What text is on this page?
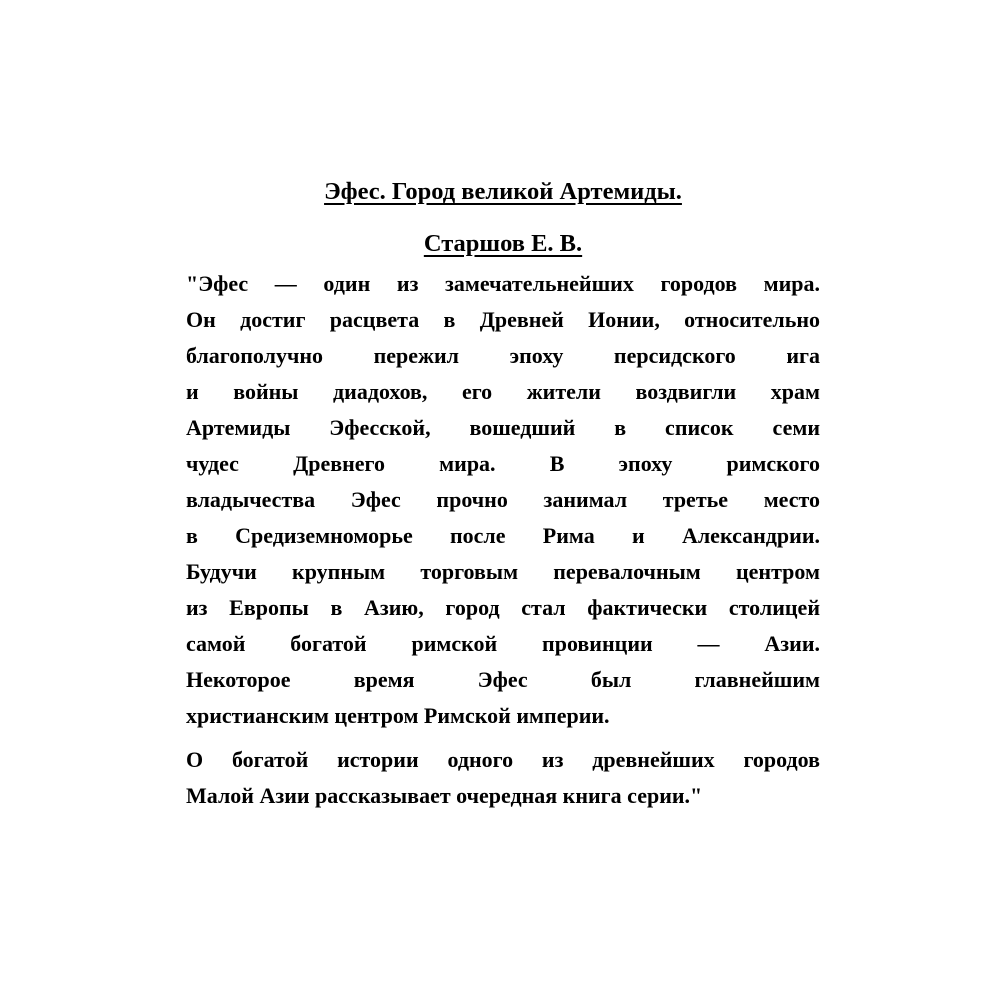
Эфес. Город великой Артемиды.
Старшов Е. В.

"Эфес — один из замечательнейших городов мира.
Он достиг расцвета в Древней Ионии, относительно
благополучно пережил эпоху персидского ига
и войны диадохов, его жители воздвигли храм
Артемиды Эфесской, вошедший в список семи
чудес Древнего мира. В эпоху римского
владычества Эфес прочно занимал третье место
в Средиземноморье после Рима и Александрии.
Будучи крупным торговым перевалочным центром
из Европы в Азию, город стал фактически столицей
самой богатой римской провинции — Азии.
Некоторое время Эфес был главнейшим
христианским центром Римской империи.

О богатой истории одного из древнейших городов
Малой Азии рассказывает очередная книга серии."
